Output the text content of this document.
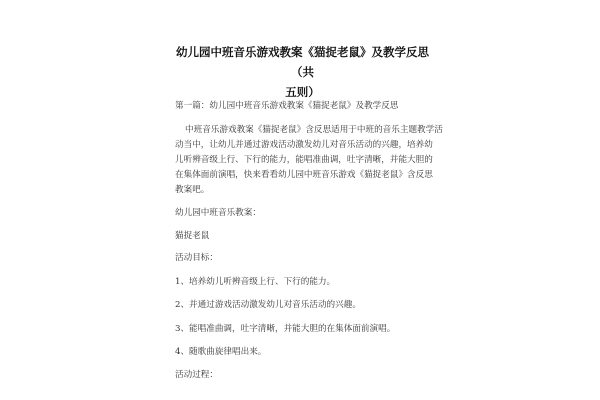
幼儿园中班音乐游戏教案《猫捉老鼠》及教学反思（共
五则）

第一篇：幼儿园中班音乐游戏教案《猫捉老鼠》及教学反思

中班音乐游戏教案《猫捉老鼠》含反思适用于中班的音乐主题教学活
动当中，让幼儿并通过游戏活动激发幼儿对音乐活动的兴趣，培养幼
儿听辨音级上行、下行的能力，能唱准曲调，吐字清晰，并能大胆的
在集体面前演唱，快来看看幼儿园中班音乐游戏《猫捉老鼠》含反思
教案吧。

幼儿园中班音乐教案：

猫捉老鼠

活动目标：

1、培养幼儿听辨音级上行、下行的能力。

2、并通过游戏活动激发幼儿对音乐活动的兴趣。

3、能唱准曲调，吐字清晰，并能大胆的在集体面前演唱。

4、随歌曲旋律唱出来。

活动过程：
